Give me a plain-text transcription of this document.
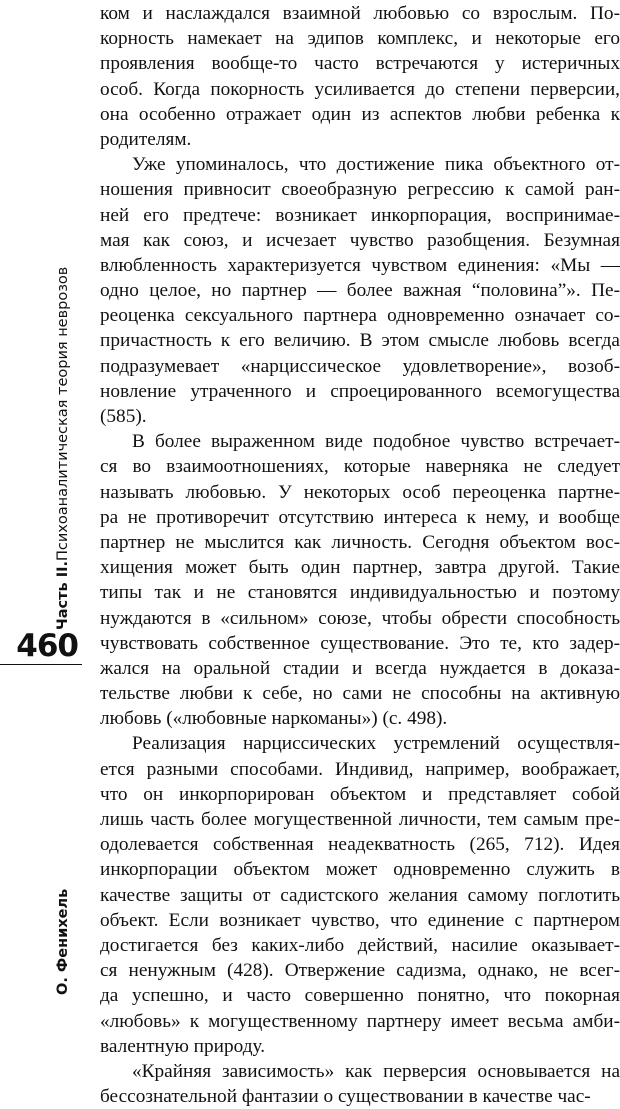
Часть II.
Психоаналитическая теория неврозов
460
О. Фенихель

ком и наслаждался взаимной любовью со взрослым. По-
корность намекает на эдипов комплекс, и некоторые его
проявления вообще-то часто встречаются у истеричных
особ. Когда покорность усиливается до степени перверсии,
она особенно отражает один из аспектов любви ребенка к
родителям.

Уже упоминалось, что достижение пика объектного от-
ношения привносит своеобразную регрессию к самой ран-
ней его предтече: возникает инкорпорация, воспринимае-
мая как союз, и исчезает чувство разобщения. Безумная
влюбленность характеризуется чувством единения: «Мы —
одно целое, но партнер — более важная “половина”». Пе-
реоценка сексуального партнера одновременно означает со-
причастность к его величию. В этом смысле любовь всегда
подразумевает «нарциссическое удовлетворение», возоб-
новление утраченного и спроецированного всемогущества
(585).

В более выраженном виде подобное чувство встречает-
ся во взаимоотношениях, которые наверняка не следует
называть любовью. У некоторых особ переоценка партне-
ра не противоречит отсутствию интереса к нему, и вообще
партнер не мыслится как личность. Сегодня объектом вос-
хищения может быть один партнер, завтра другой. Такие
типы так и не становятся индивидуальностью и поэтому
нуждаются в «сильном» союзе, чтобы обрести способность
чувствовать собственное существование. Это те, кто задер-
жался на оральной стадии и всегда нуждается в доказа-
тельстве любви к себе, но сами не способны на активную
любовь («любовные наркоманы») (с. 498).

Реализация нарциссических устремлений осуществля-
ется разными способами. Индивид, например, воображает,
что он инкорпорирован объектом и представляет собой
лишь часть более могущественной личности, тем самым пре-
одолевается собственная неадекватность (265, 712). Идея
инкорпорации объектом может одновременно служить в
качестве защиты от садистского желания самому поглотить
объект. Если возникает чувство, что единение с партнером
достигается без каких-либо действий, насилие оказывает-
ся ненужным (428). Отвержение садизма, однако, не всег-
да успешно, и часто совершенно понятно, что покорная
«любовь» к могущественному партнеру имеет весьма амби-
валентную природу.

«Крайняя зависимость» как перверсия основывается на
бессознательной фантазии о существовании в качестве час-
